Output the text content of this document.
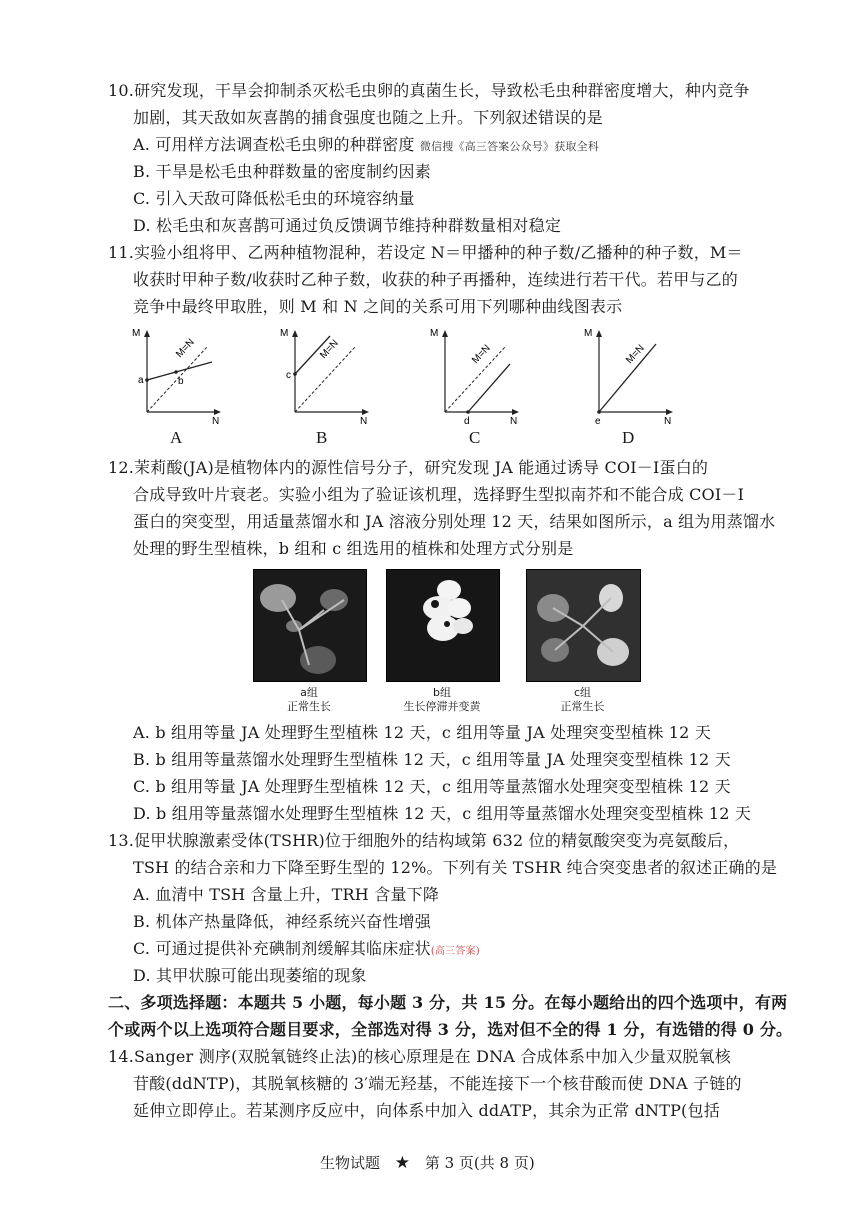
10.研究发现，干旱会抑制杀灭松毛虫卵的真菌生长，导致松毛虫种群密度增大，种内竞争
加剧，其天敌如灰喜鹊的捕食强度也随之上升。下列叙述错误的是
A. 可用样方法调查松毛虫卵的种群密度 微信搜《高三答案公众号》获取全科
B. 干旱是松毛虫种群数量的密度制约因素
C. 引入天敌可降低松毛虫的环境容纳量
D. 松毛虫和灰喜鹊可通过负反馈调节维持种群数量相对稳定
11.实验小组将甲、乙两种植物混种，若设定 N＝甲播种的种子数/乙播种的种子数，M＝
收获时甲种子数/收获时乙种子数，收获的种子再播种，连续进行若干代。若甲与乙的
竞争中最终甲取胜，则 M 和 N 之间的关系可用下列哪种曲线图表示
M
N
a	b
M=N
M
N
c
M=N
M
N
d
M=N
M
N
e
M=N
A	B	C	D
12.茉莉酸(JA)是植物体内的源性信号分子，研究发现 JA 能通过诱导 COI－Ⅰ蛋白的
合成导致叶片衰老。实验小组为了验证该机理，选择野生型拟南芥和不能合成 COI－Ⅰ
蛋白的突变型，用适量蒸馏水和 JA 溶液分别处理 12 天，结果如图所示，a 组为用蒸馏水
处理的野生型植株，b 组和 c 组选用的植株和处理方式分别是
a组
正常生长
b组
生长停滞并变黄
c组
正常生长
A. b 组用等量 JA 处理野生型植株 12 天，c 组用等量 JA 处理突变型植株 12 天
B. b 组用等量蒸馏水处理野生型植株 12 天，c 组用等量 JA 处理突变型植株 12 天
C. b 组用等量 JA 处理野生型植株 12 天，c 组用等量蒸馏水处理突变型植株 12 天
D. b 组用等量蒸馏水处理野生型植株 12 天，c 组用等量蒸馏水处理突变型植株 12 天
13.促甲状腺激素受体(TSHR)位于细胞外的结构域第 632 位的精氨酸突变为亮氨酸后，
TSH 的结合亲和力下降至野生型的 12%。下列有关 TSHR 纯合突变患者的叙述正确的是
A. 血清中 TSH 含量上升，TRH 含量下降
B. 机体产热量降低，神经系统兴奋性增强
C. 可通过提供补充碘制剂缓解其临床症状(高三答案)
D. 其甲状腺可能出现萎缩的现象
二、多项选择题：本题共 5 小题，每小题 3 分，共 15 分。在每小题给出的四个选项中，有两
个或两个以上选项符合题目要求，全部选对得 3 分，选对但不全的得 1 分，有选错的得 0 分。
14.Sanger 测序(双脱氧链终止法)的核心原理是在 DNA 合成体系中加入少量双脱氧核
苷酸(ddNTP)，其脱氧核糖的 3′端无羟基，不能连接下一个核苷酸而使 DNA 子链的
延伸立即停止。若某测序反应中，向体系中加入 ddATP，其余为正常 dNTP(包括
生物试题 ★ 第 3 页(共 8 页)
